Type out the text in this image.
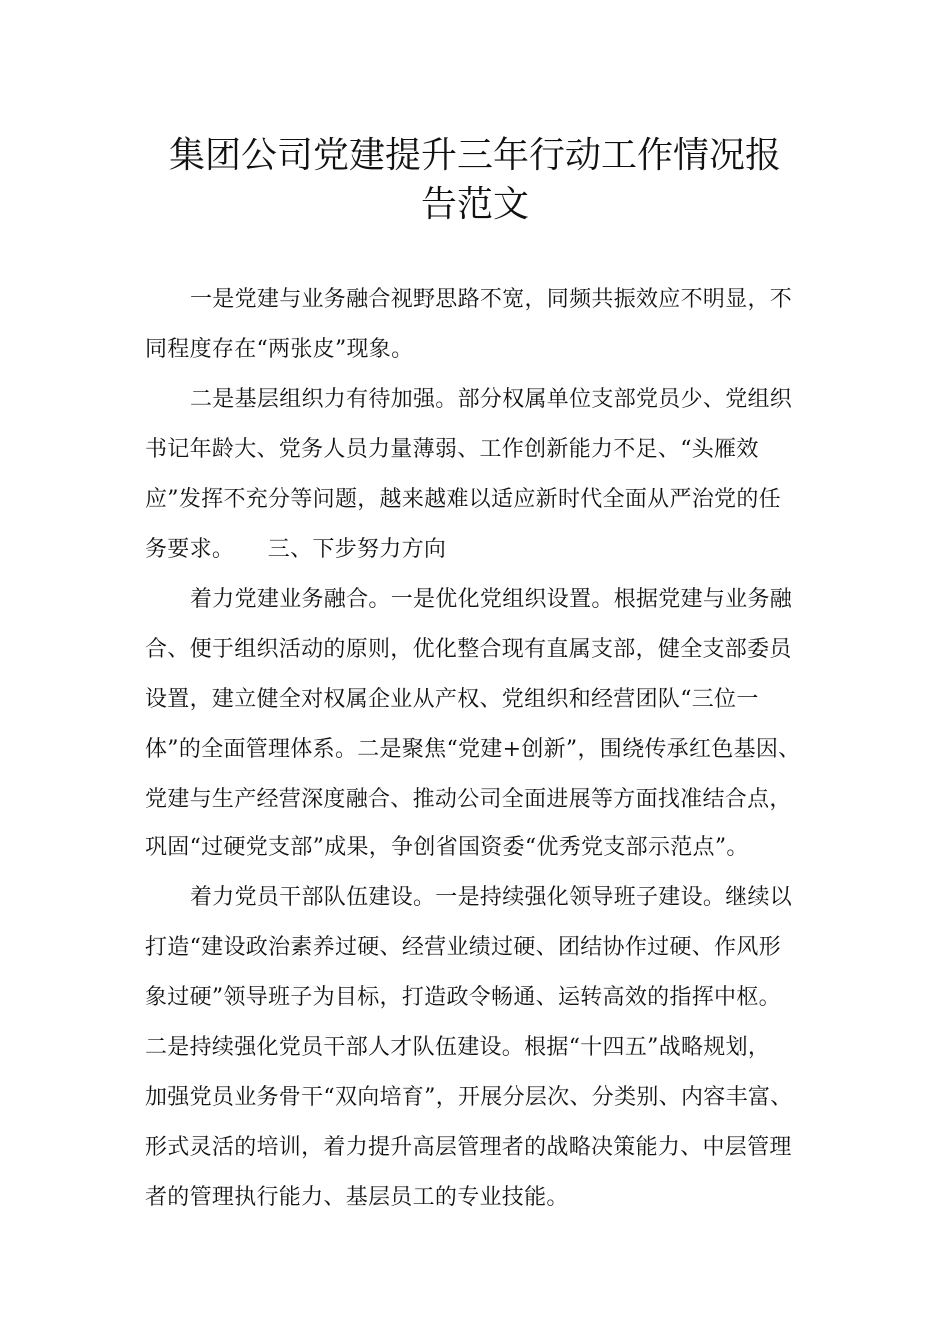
集团公司党建提升三年行动工作情况报
告范文
一是党建与业务融合视野思路不宽，同频共振效应不明显，不
同程度存在“两张皮”现象。
二是基层组织力有待加强。部分权属单位支部党员少、党组织
书记年龄大、党务人员力量薄弱、工作创新能力不足、“头雁效
应”发挥不充分等问题，越来越难以适应新时代全面从严治党的任
务要求。　　三、下步努力方向
着力党建业务融合。一是优化党组织设置。根据党建与业务融
合、便于组织活动的原则，优化整合现有直属支部，健全支部委员
设置，建立健全对权属企业从产权、党组织和经营团队“三位一
体”的全面管理体系。二是聚焦“党建+创新”，围绕传承红色基因、
党建与生产经营深度融合、推动公司全面进展等方面找准结合点，
巩固“过硬党支部”成果，争创省国资委“优秀党支部示范点”。
着力党员干部队伍建设。一是持续强化领导班子建设。继续以
打造“建设政治素养过硬、经营业绩过硬、团结协作过硬、作风形
象过硬”领导班子为目标，打造政令畅通、运转高效的指挥中枢。
二是持续强化党员干部人才队伍建设。根据“十四五”战略规划，
加强党员业务骨干“双向培育”，开展分层次、分类别、内容丰富、
形式灵活的培训，着力提升高层管理者的战略决策能力、中层管理
者的管理执行能力、基层员工的专业技能。
